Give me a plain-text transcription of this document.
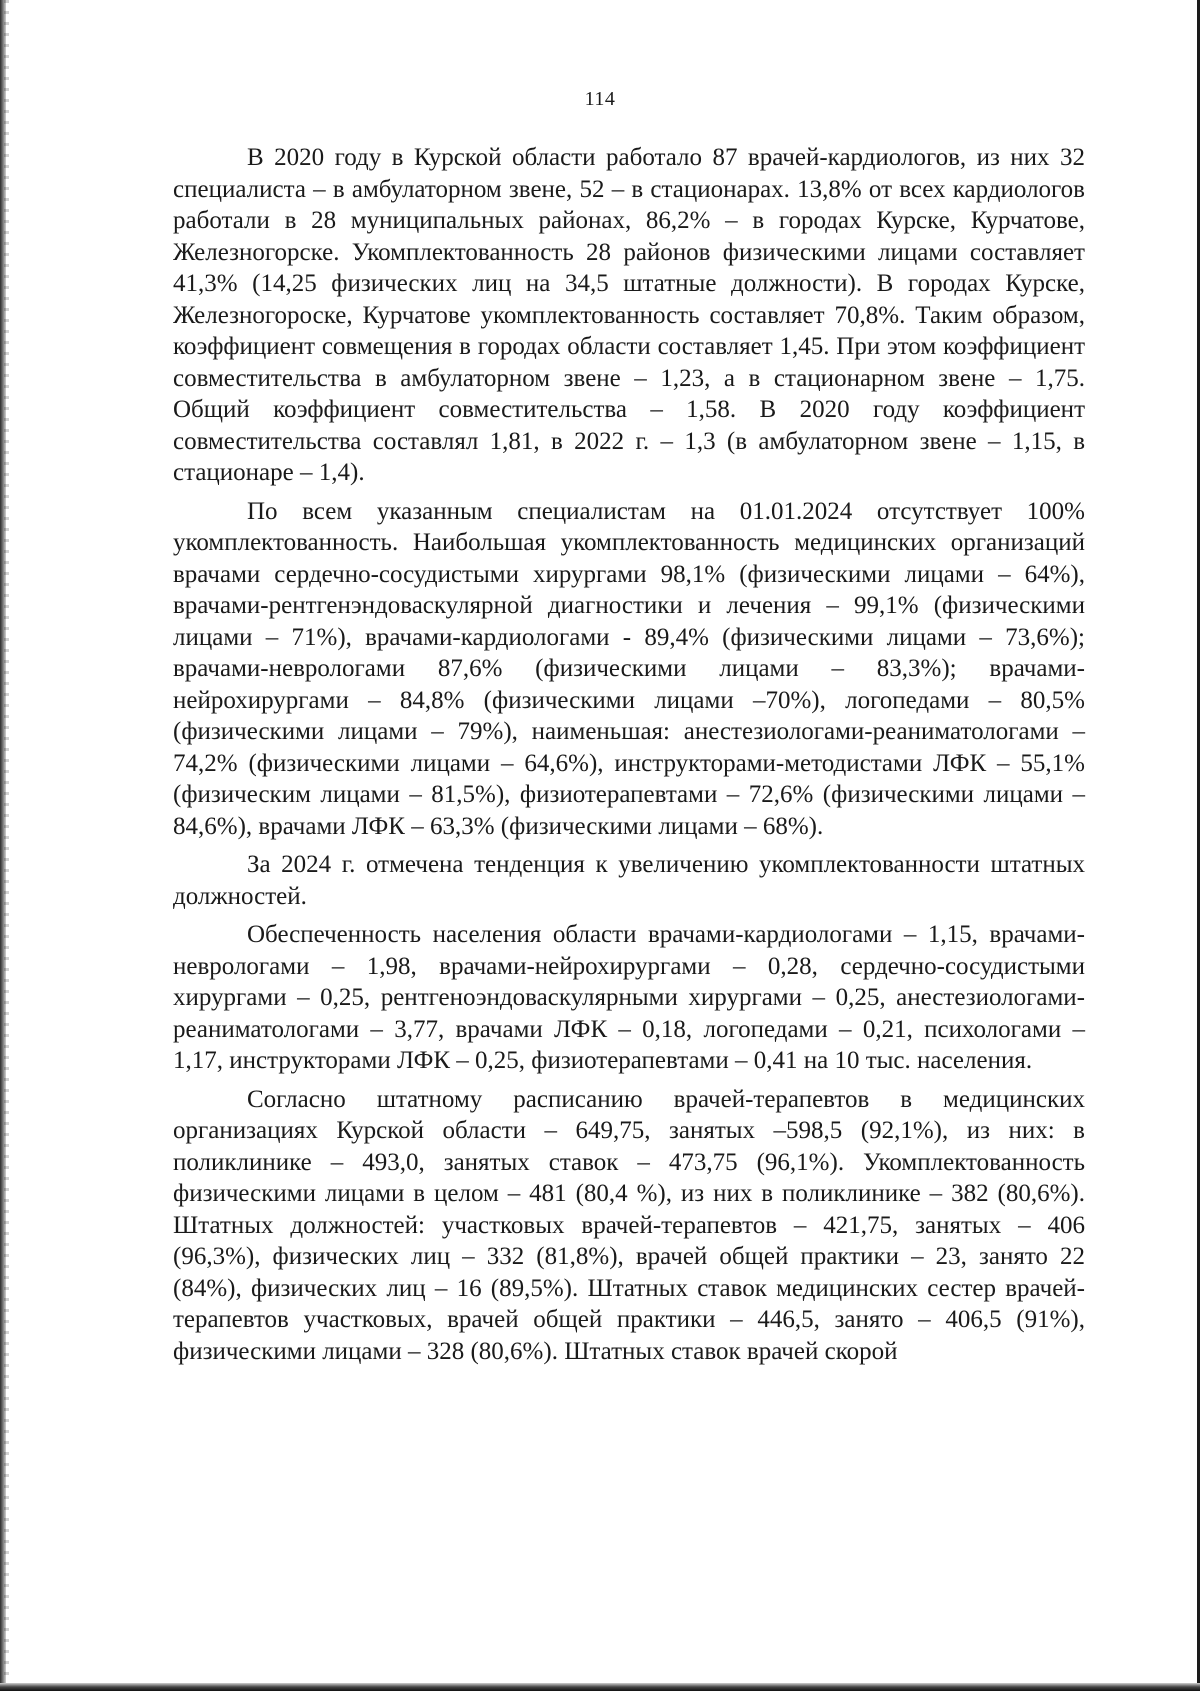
114

В 2020 году в Курской области работало 87 врачей-кардиологов, из них 32 специалиста – в амбулаторном звене, 52 – в стационарах. 13,8% от всех кардиологов работали в 28 муниципальных районах, 86,2% – в городах Курске, Курчатове, Железногорске. Укомплектованность 28 районов физическими лицами составляет 41,3% (14,25 физических лиц на 34,5 штатные должности). В городах Курске, Железногороске, Курчатове укомплектованность составляет 70,8%. Таким образом, коэффициент совмещения в городах области составляет 1,45. При этом коэффициент совместительства в амбулаторном звене – 1,23, а в стационарном звене – 1,75. Общий коэффициент совместительства – 1,58. В 2020 году коэффициент совместительства составлял 1,81, в 2022 г. – 1,3 (в амбулаторном звене – 1,15, в стационаре – 1,4).

По всем указанным специалистам на 01.01.2024 отсутствует 100% укомплектованность. Наибольшая укомплектованность медицинских организаций врачами сердечно-сосудистыми хирургами 98,1% (физическими лицами – 64%), врачами-рентгенэндоваскулярной диагностики и лечения – 99,1% (физическими лицами – 71%), врачами-кардиологами - 89,4% (физическими лицами – 73,6%); врачами-неврологами 87,6% (физическими лицами – 83,3%); врачами-нейрохирургами – 84,8% (физическими лицами –70%), логопедами – 80,5% (физическими лицами – 79%), наименьшая: анестезиологами-реаниматологами – 74,2% (физическими лицами – 64,6%), инструкторами-методистами ЛФК – 55,1% (физическим лицами – 81,5%), физиотерапевтами – 72,6% (физическими лицами – 84,6%), врачами ЛФК – 63,3% (физическими лицами – 68%).

За 2024 г. отмечена тенденция к увеличению укомплектованности штатных должностей.

Обеспеченность населения области врачами-кардиологами – 1,15, врачами-неврологами – 1,98, врачами-нейрохирургами – 0,28, сердечно-сосудистыми хирургами – 0,25, рентгеноэндоваскулярными хирургами – 0,25, анестезиологами-реаниматологами – 3,77, врачами ЛФК – 0,18, логопедами – 0,21, психологами – 1,17, инструкторами ЛФК – 0,25, физиотерапевтами – 0,41 на 10 тыс. населения.

Согласно штатному расписанию врачей-терапевтов в медицинских организациях Курской области – 649,75, занятых –598,5 (92,1%), из них: в поликлинике – 493,0, занятых ставок – 473,75 (96,1%). Укомплектованность физическими лицами в целом – 481 (80,4 %), из них в поликлинике – 382 (80,6%). Штатных должностей: участковых врачей-терапевтов – 421,75, занятых – 406 (96,3%), физических лиц – 332 (81,8%), врачей общей практики – 23, занято 22 (84%), физических лиц – 16 (89,5%). Штатных ставок медицинских сестер врачей-терапевтов участковых, врачей общей практики – 446,5, занято – 406,5 (91%), физическими лицами – 328 (80,6%). Штатных ставок врачей скорой
